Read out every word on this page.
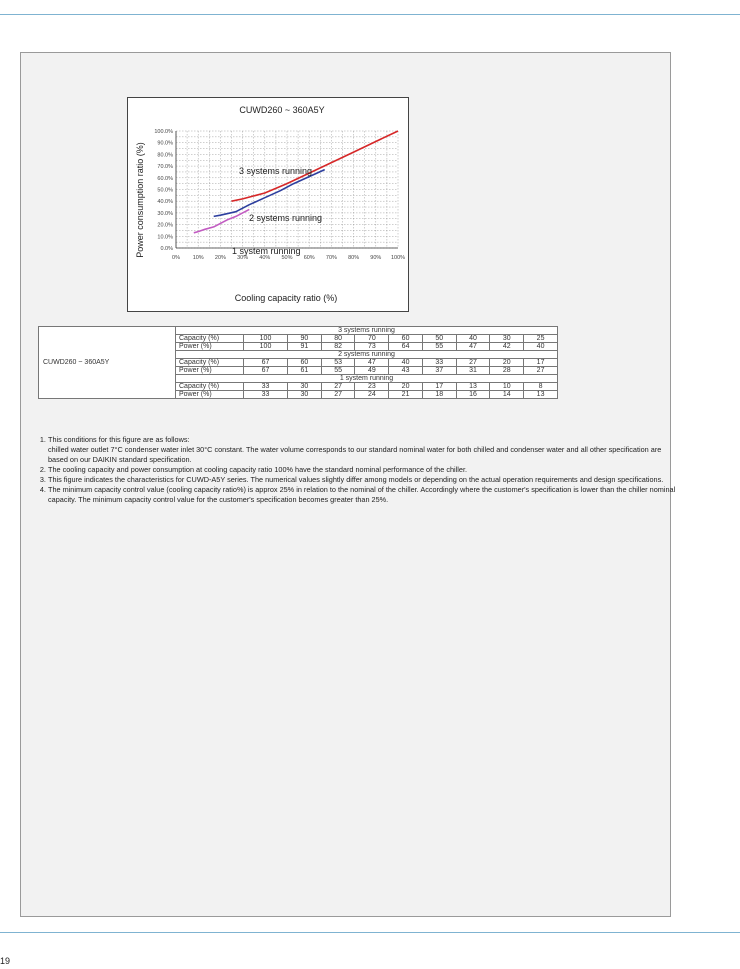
CUWD260 ~ 360A5Y
0% 10% 20% 30% 40% 50% 60% 70% 80% 90% 100%
0.0%
10.0%
20.0%
30.0%
40.0%
50.0%
60.0%
70.0%
80.0%
90.0%
100.0%
3 systems running
2 systems running
1 system running
Cooling capacity ratio (%)
Power consumption ratio (%)
CUWD260 ~ 360A5Y	3 systems running									
	Capacity (%)	100	90	80	70	60	50	40	30	25
	Power (%)	100	91	82	73	64	55	47	42	40
	2 systems running									
	Capacity (%)	67	60	53	47	40	33	27	20	17
	Power (%)	67	61	55	49	43	37	31	28	27
	1 system running									
	Capacity (%)	33	30	27	23	20	17	13	10	8
	Power (%)	33	30	27	24	21	18	16	14	13
1. This conditions for this figure are as follows:
chilled water outlet 7°C condenser water inlet 30°C constant. The water volume corresponds to our standard nominal water for both chilled and condenser water and all other specification are based on our DAIKIN standard specification.
2. The cooling capacity and power consumption at cooling capacity ratio 100% have the standard nominal performance of the chiller.
3. This figure indicates the characteristics for CUWD-A5Y series. The numerical values slightly differ among models or depending on the actual operation requirements and design specifications.
4. The minimum capacity control value (cooling capacity ratio%) is approx 25% in relation to the nominal of the chiller. Accordingly where the customer's specification is lower than the chiller nominal capacity. The minimum capacity control value for the customer's specification becomes greater than 25%.
19
